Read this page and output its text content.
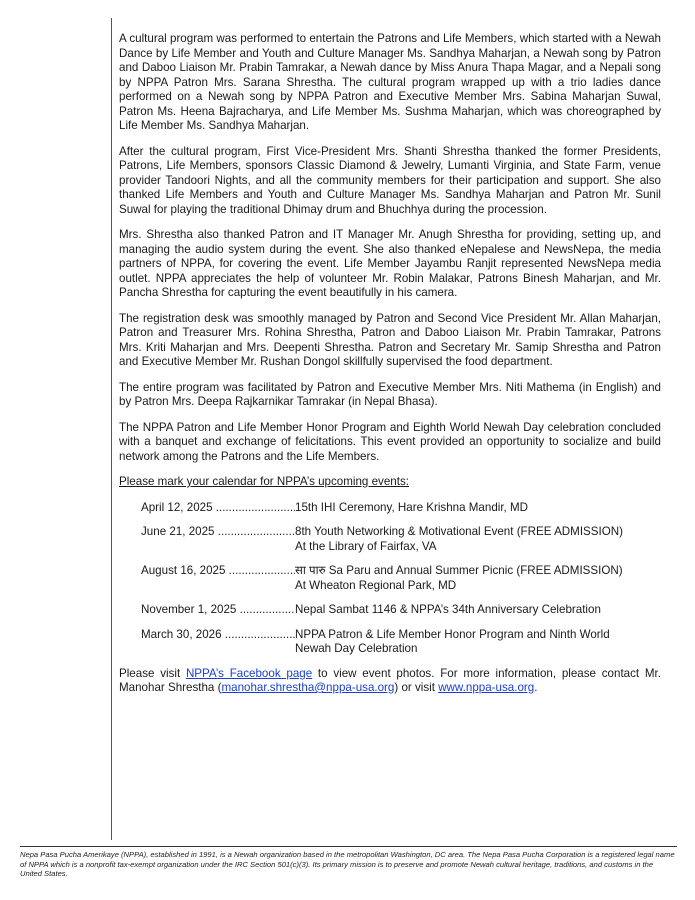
A cultural program was performed to entertain the Patrons and Life Members, which started with a Newah Dance by Life Member and Youth and Culture Manager Ms. Sandhya Maharjan, a Newah song by Patron and Daboo Liaison Mr. Prabin Tamrakar, a Newah dance by Miss Anura Thapa Magar, and a Nepali song by NPPA Patron Mrs. Sarana Shrestha. The cultural program wrapped up with a trio ladies dance performed on a Newah song by NPPA Patron and Executive Member Mrs. Sabina Maharjan Suwal, Patron Ms. Heena Bajracharya, and Life Member Ms. Sushma Maharjan, which was choreographed by Life Member Ms. Sandhya Maharjan.

After the cultural program, First Vice-President Mrs. Shanti Shrestha thanked the former Presidents, Patrons, Life Members, sponsors Classic Diamond & Jewelry, Lumanti Virginia, and State Farm, venue provider Tandoori Nights, and all the community members for their participation and support. She also thanked Life Members and Youth and Culture Manager Ms. Sandhya Maharjan and Patron Mr. Sunil Suwal for playing the traditional Dhimay drum and Bhuchhya during the procession.

Mrs. Shrestha also thanked Patron and IT Manager Mr. Anugh Shrestha for providing, setting up, and managing the audio system during the event. She also thanked eNepalese and NewsNepa, the media partners of NPPA, for covering the event. Life Member Jayambu Ranjit represented NewsNepa media outlet. NPPA appreciates the help of volunteer Mr. Robin Malakar, Patrons Binesh Maharjan, and Mr. Pancha Shrestha for capturing the event beautifully in his camera.

The registration desk was smoothly managed by Patron and Second Vice President Mr. Allan Maharjan, Patron and Treasurer Mrs. Rohina Shrestha, Patron and Daboo Liaison Mr. Prabin Tamrakar, Patrons Mrs. Kriti Maharjan and Mrs. Deepenti Shrestha. Patron and Secretary Mr. Samip Shrestha and Patron and Executive Member Mr. Rushan Dongol skillfully supervised the food department.

The entire program was facilitated by Patron and Executive Member Mrs. Niti Mathema (in English) and by Patron Mrs. Deepa Rajkarnikar Tamrakar (in Nepal Bhasa).

The NPPA Patron and Life Member Honor Program and Eighth World Newah Day celebration concluded with a banquet and exchange of felicitations. This event provided an opportunity to socialize and build network among the Patrons and the Life Members.

Please mark your calendar for NPPA’s upcoming events:

April 12, 2025 .....	15th IHI Ceremony, Hare Krishna Mandir, MD
June 21, 2025 .....	8th Youth Networking & Motivational Event (FREE ADMISSION)
At the Library of Fairfax, VA
August 16, 2025 .....	सा पारु Sa Paru and Annual Summer Picnic (FREE ADMISSION)
At Wheaton Regional Park, MD
November 1, 2025 .....	Nepal Sambat 1146 & NPPA’s 34th Anniversary Celebration
March 30, 2026 .....	NPPA Patron & Life Member Honor Program and Ninth World
Newah Day Celebration

Please visit NPPA’s Facebook page to view event photos. For more information, please contact Mr. Manohar Shrestha (manohar.shrestha@nppa-usa.org) or visit www.nppa-usa.org.

Nepa Pasa Pucha Amerikaye (NPPA), established in 1991, is a Newah organization based in the metropolitan Washington, DC area. The Nepa Pasa Pucha Corporation is a registered legal name of NPPA which is a nonprofit tax-exempt organization under the IRC Section 501(c)(3). Its primary mission is to preserve and promote Newah cultural heritage, traditions, and customs in the United States.
